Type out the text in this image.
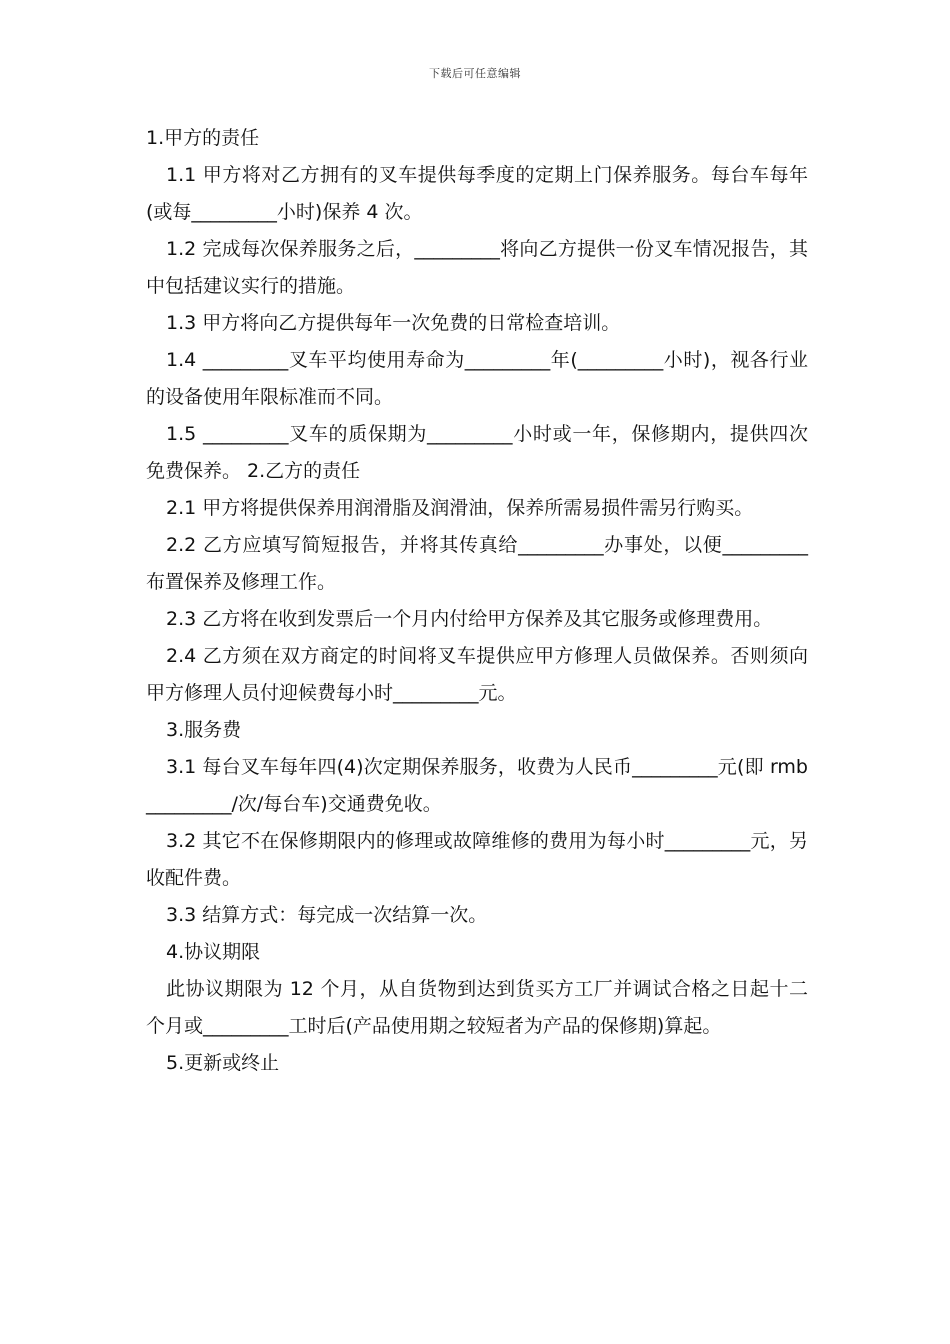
下载后可任意编辑

1.甲方的责任

1.1 甲方将对乙方拥有的叉车提供每季度的定期上门保养服务。每台车每年(或每_________小时)保养 4 次。

1.2 完成每次保养服务之后，_________将向乙方提供一份叉车情况报告，其中包括建议实行的措施。

1.3 甲方将向乙方提供每年一次免费的日常检查培训。

1.4 _________叉车平均使用寿命为_________年(_________小时)，视各行业的设备使用年限标准而不同。

1.5 _________叉车的质保期为_________小时或一年，保修期内，提供四次免费保养。 2.乙方的责任

2.1 甲方将提供保养用润滑脂及润滑油，保养所需易损件需另行购买。

2.2 乙方应填写简短报告，并将其传真给_________办事处，以便_________布置保养及修理工作。

2.3 乙方将在收到发票后一个月内付给甲方保养及其它服务或修理费用。

2.4 乙方须在双方商定的时间将叉车提供应甲方修理人员做保养。否则须向甲方修理人员付迎候费每小时_________元。

3.服务费

3.1 每台叉车每年四(4)次定期保养服务，收费为人民币_________元(即 rmb_________/次/每台车)交通费免收。

3.2 其它不在保修期限内的修理或故障维修的费用为每小时_________元，另收配件费。

3.3 结算方式：每完成一次结算一次。

4.协议期限

此协议期限为 12 个月，从自货物到达到货买方工厂并调试合格之日起十二个月或_________工时后(产品使用期之较短者为产品的保修期)算起。

5.更新或终止
